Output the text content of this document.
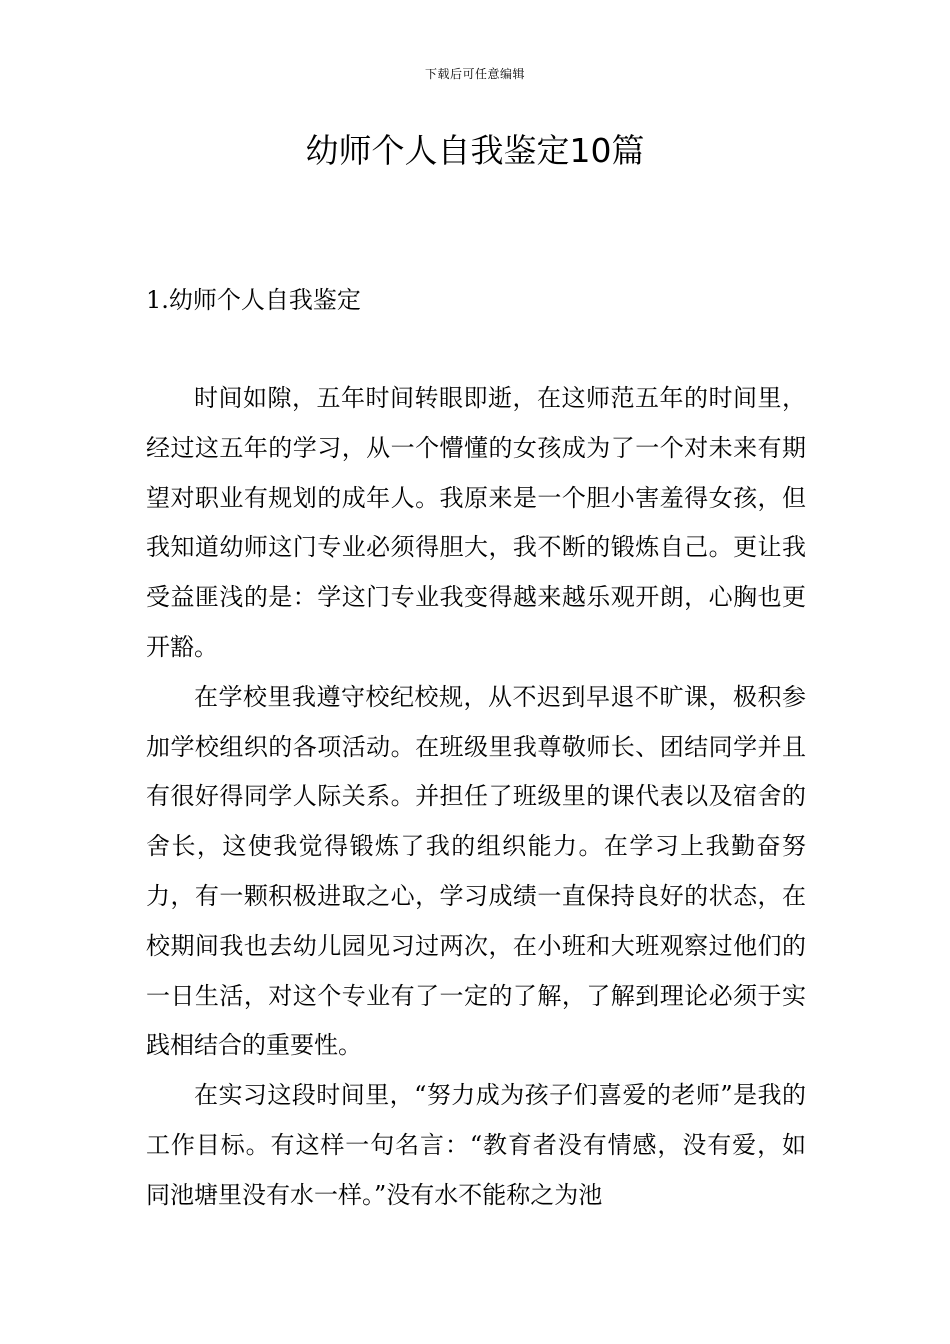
下载后可任意编辑
幼师个人自我鉴定10篇
1.幼师个人自我鉴定

时间如隙，五年时间转眼即逝，在这师范五年的时间里，经过这五年的学习，从一个懵懂的女孩成为了一个对未来有期望对职业有规划的成年人。我原来是一个胆小害羞得女孩，但我知道幼师这门专业必须得胆大，我不断的锻炼自己。更让我受益匪浅的是：学这门专业我变得越来越乐观开朗，心胸也更开豁。

在学校里我遵守校纪校规，从不迟到早退不旷课，极积参加学校组织的各项活动。在班级里我尊敬师长、团结同学并且有很好得同学人际关系。并担任了班级里的课代表以及宿舍的舍长，这使我觉得锻炼了我的组织能力。在学习上我勤奋努力，有一颗积极进取之心，学习成绩一直保持良好的状态，在校期间我也去幼儿园见习过两次，在小班和大班观察过他们的一日生活，对这个专业有了一定的了解，了解到理论必须于实践相结合的重要性。

在实习这段时间里，“努力成为孩子们喜爱的老师”是我的工作目标。有这样一句名言：“教育者没有情感，没有爱，如同池塘里没有水一样。”没有水不能称之为池
